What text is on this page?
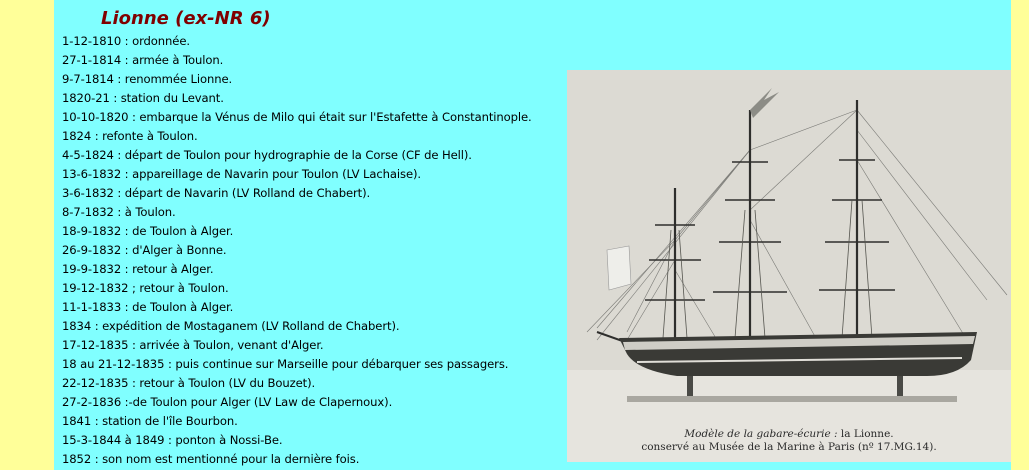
Lionne (ex-NR 6)
1-12-1810 : ordonnée.
27-1-1814 : armée à Toulon.
9-7-1814 : renommée Lionne.
1820-21 : station du Levant.
10-10-1820 : embarque la Vénus de Milo qui était sur l'Estafette à Constantinople.
1824 : refonte à Toulon.
4-5-1824 : départ de Toulon pour hydrographie de la Corse (CF de Hell).
13-6-1832 : appareillage de Navarin pour Toulon (LV Lachaise).
3-6-1832 : départ de Navarin (LV Rolland de Chabert).
8-7-1832 : à Toulon.
18-9-1832 : de Toulon à Alger.
26-9-1832 : d'Alger à Bonne.
19-9-1832 : retour à Alger.
19-12-1832 ; retour à Toulon.
11-1-1833 : de Toulon à Alger.
1834 : expédition de Mostaganem (LV Rolland de Chabert).
17-12-1835 : arrivée à Toulon, venant d'Alger.
18 au 21-12-1835 : puis continue sur Marseille pour débarquer ses passagers.
22-12-1835 : retour à Toulon (LV du Bouzet).
27-2-1836 :-de Toulon pour Alger (LV Law de Clapernoux).
1841 : station de l'île Bourbon.
15-3-1844 à 1849 : ponton à Nossi-Be.
1852 : son nom est mentionné pour la dernière fois.
Modèle de la gabare-écurie : la Lionne.
conservé au Musée de la Marine à Paris (nº 17.MG.14).
